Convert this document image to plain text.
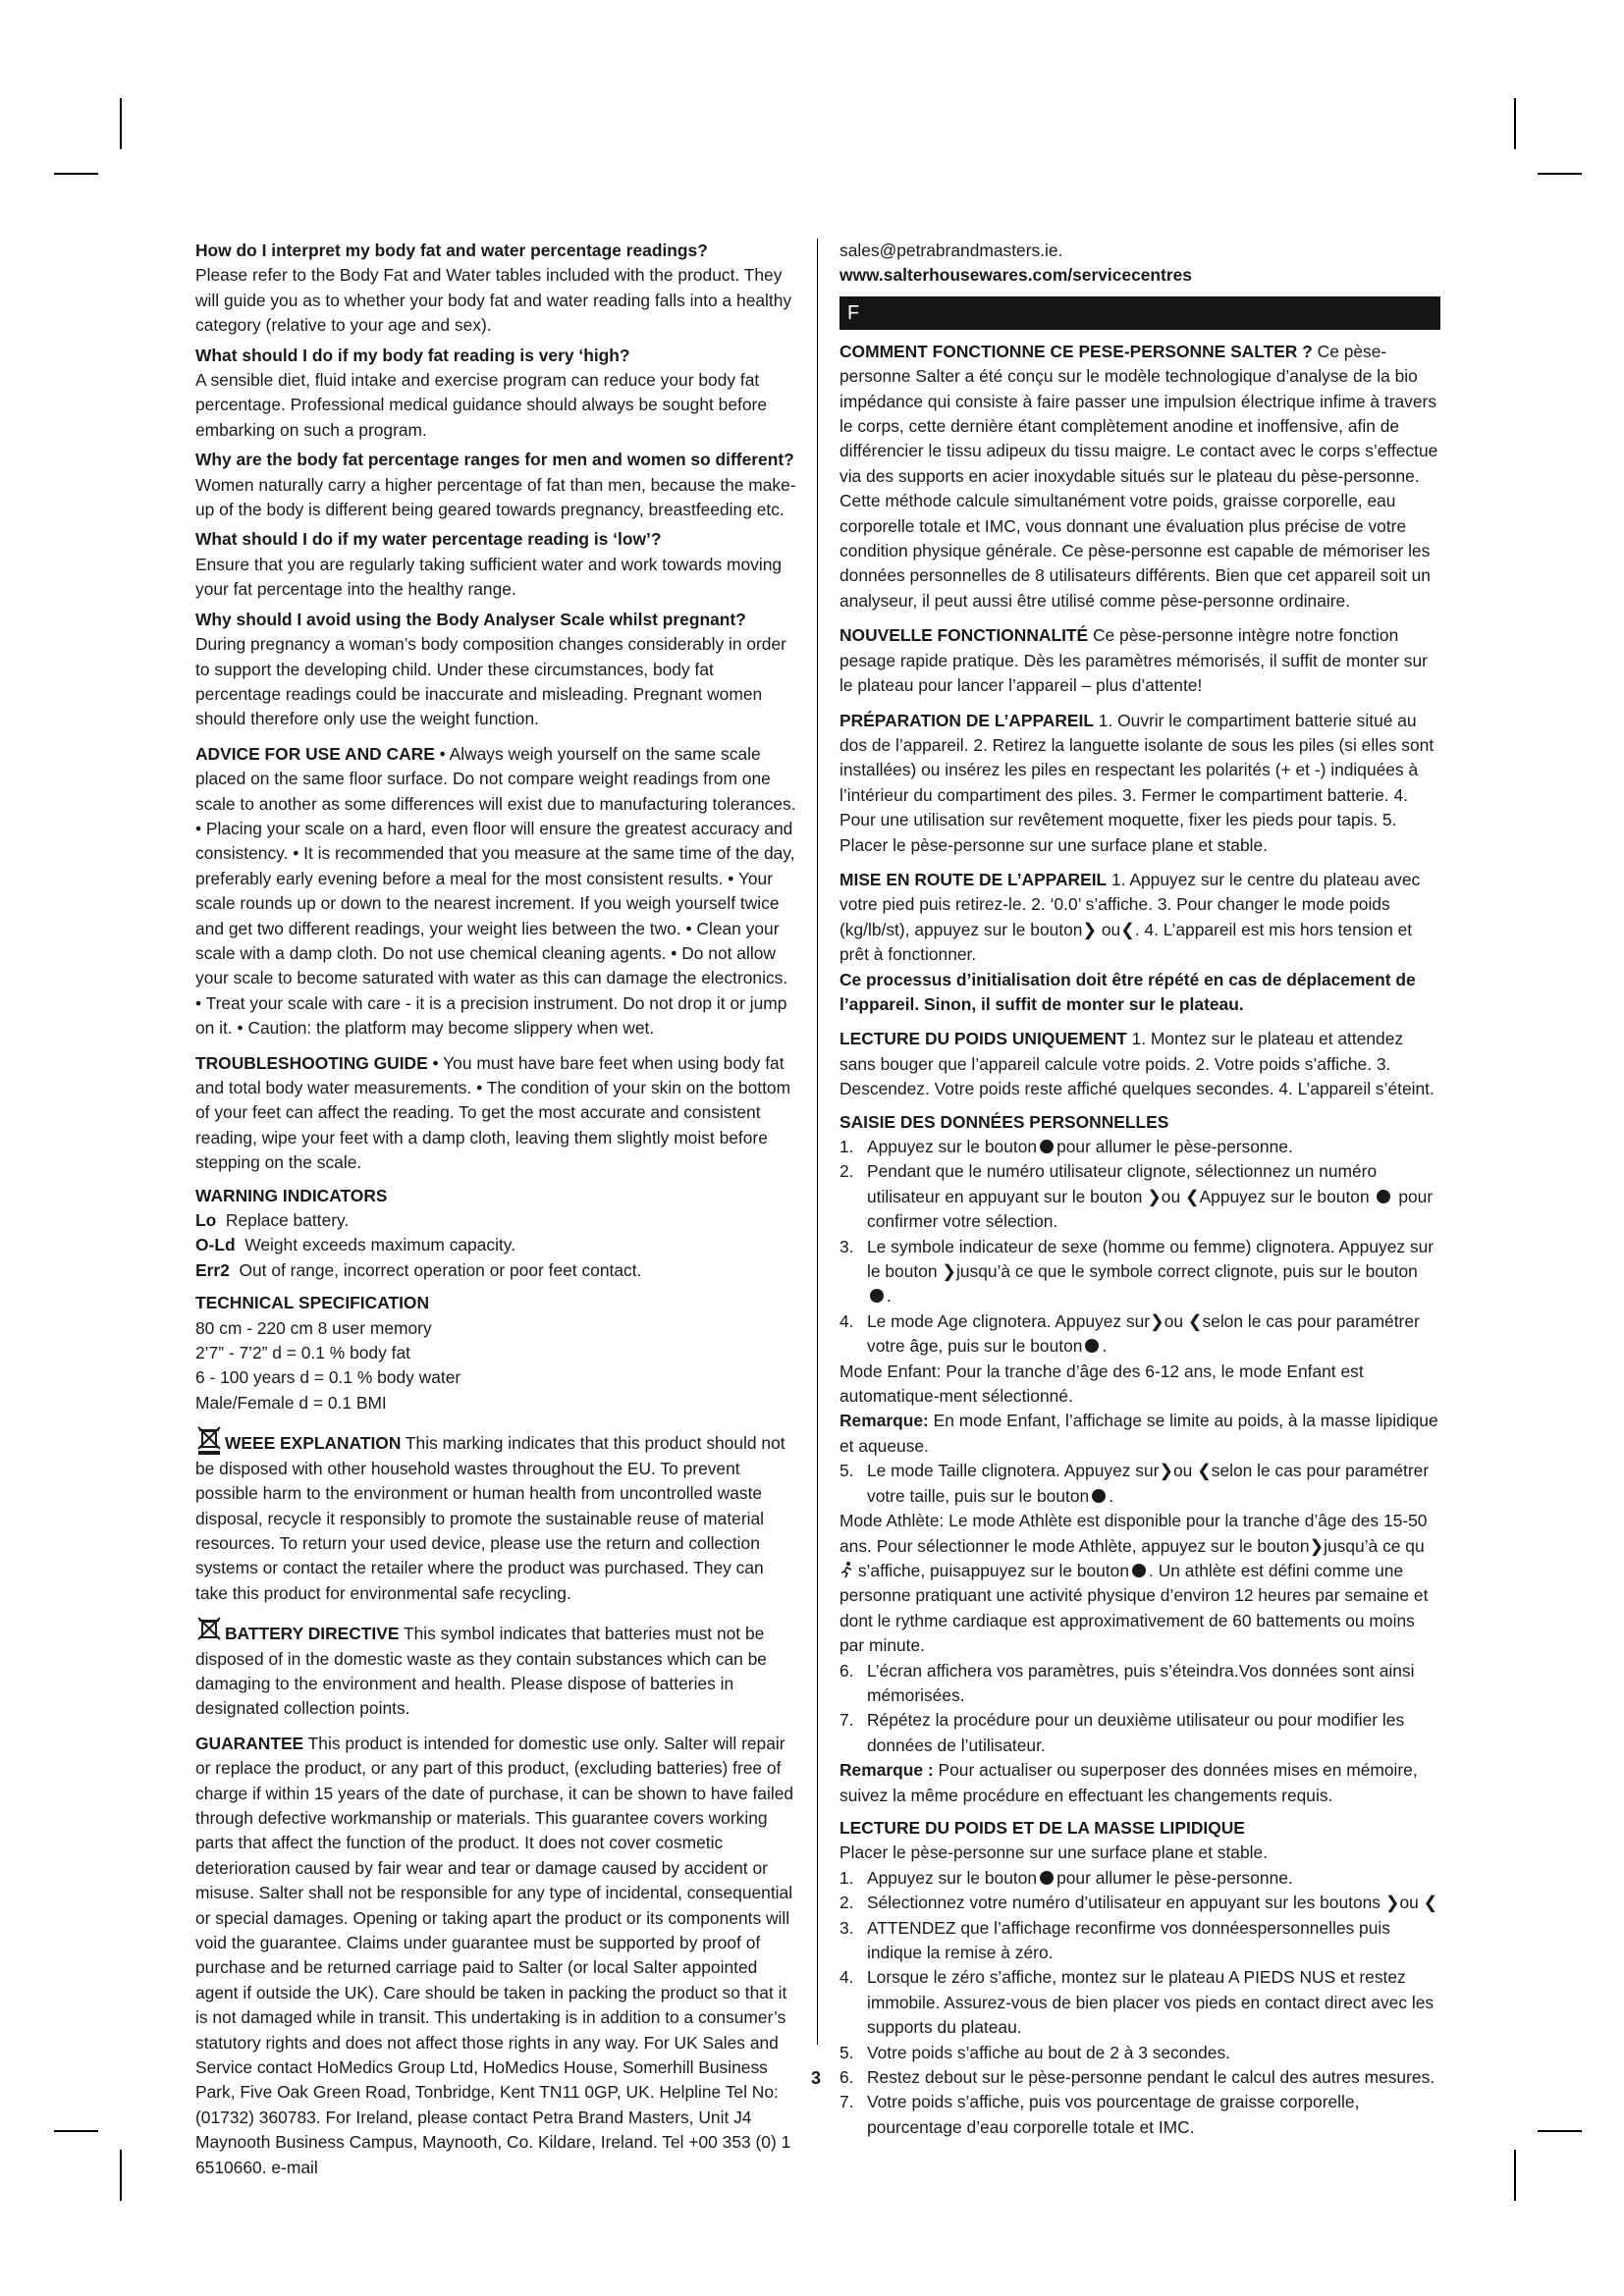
How do I interpret my body fat and water percentage readings?

Please refer to the Body Fat and Water tables included with the product. They will guide you as to whether your body fat and water reading falls into a healthy category (relative to your age and sex).

What should I do if my body fat reading is very ‘high?

A sensible diet, fluid intake and exercise program can reduce your body fat percentage. Professional medical guidance should always be sought before embarking on such a program.

Why are the body fat percentage ranges for men and women so different?

Women naturally carry a higher percentage of fat than men, because the make-up of the body is different being geared towards pregnancy, breastfeeding etc.

What should I do if my water percentage reading is ‘low’?

Ensure that you are regularly taking sufficient water and work towards moving your fat percentage into the healthy range.

Why should I avoid using the Body Analyser Scale whilst pregnant?

During pregnancy a woman’s body composition changes considerably in order to support the developing child. Under these circumstances, body fat percentage readings could be inaccurate and misleading. Pregnant women should therefore only use the weight function.

ADVICE FOR USE AND CARE • Always weigh yourself on the same scale placed on the same floor surface. Do not compare weight readings from one scale to another as some differences will exist due to manufacturing tolerances. • Placing your scale on a hard, even floor will ensure the greatest accuracy and consistency. • It is recommended that you measure at the same time of the day, preferably early evening before a meal for the most consistent results. • Your scale rounds up or down to the nearest increment. If you weigh yourself twice and get two different readings, your weight lies between the two. • Clean your scale with a damp cloth. Do not use chemical cleaning agents. • Do not allow your scale to become saturated with water as this can damage the electronics. • Treat your scale with care - it is a precision instrument. Do not drop it or jump on it. • Caution: the platform may become slippery when wet.

TROUBLESHOOTING GUIDE • You must have bare feet when using body fat and total body water measurements. • The condition of your skin on the bottom of your feet can affect the reading. To get the most accurate and consistent reading, wipe your feet with a damp cloth, leaving them slightly moist before stepping on the scale.

WARNING INDICATORS

Lo Replace battery.

O-Ld Weight exceeds maximum capacity.

Err2 Out of range, incorrect operation or poor feet contact.

TECHNICAL SPECIFICATION

80 cm - 220 cm 8 user memory

2’7” - 7’2” d = 0.1 % body fat

6 - 100 years d = 0.1 % body water

Male/Female d = 0.1 BMI

WEEE EXPLANATION This marking indicates that this product should not be disposed with other household wastes throughout the EU. To prevent possible harm to the environment or human health from uncontrolled waste disposal, recycle it responsibly to promote the sustainable reuse of material resources. To return your used device, please use the return and collection systems or contact the retailer where the product was purchased. They can take this product for environmental safe recycling.

BATTERY DIRECTIVE This symbol indicates that batteries must not be disposed of in the domestic waste as they contain substances which can be damaging to the environment and health. Please dispose of batteries in designated collection points.

GUARANTEE This product is intended for domestic use only. Salter will repair or replace the product, or any part of this product, (excluding batteries) free of charge if within 15 years of the date of purchase, it can be shown to have failed through defective workmanship or materials. This guarantee covers working parts that affect the function of the product. It does not cover cosmetic deterioration caused by fair wear and tear or damage caused by accident or misuse. Salter shall not be responsible for any type of incidental, consequential or special damages. Opening or taking apart the product or its components will void the guarantee. Claims under guarantee must be supported by proof of purchase and be returned carriage paid to Salter (or local Salter appointed agent if outside the UK). Care should be taken in packing the product so that it is not damaged while in transit. This undertaking is in addition to a consumer’s statutory rights and does not affect those rights in any way. For UK Sales and Service contact HoMedics Group Ltd, HoMedics House, Somerhill Business Park, Five Oak Green Road, Tonbridge, Kent TN11 0GP, UK. Helpline Tel No: (01732) 360783. For Ireland, please contact Petra Brand Masters, Unit J4 Maynooth Business Campus, Maynooth, Co. Kildare, Ireland. Tel +00 353 (0) 1 6510660. e-mail

sales@petrabrandmasters.ie.

www.salterhousewares.com/servicecentres

F

COMMENT FONCTIONNE CE PESE-PERSONNE SALTER ? Ce pèse-personne Salter a été conçu sur le modèle technologique d’analyse de la bio impédance qui consiste à faire passer une impulsion électrique infime à travers le corps, cette dernière étant complètement anodine et inoffensive, afin de différencier le tissu adipeux du tissu maigre. Le contact avec le corps s’effectue via des supports en acier inoxydable situés sur le plateau du pèse-personne. Cette méthode calcule simultanément votre poids, graisse corporelle, eau corporelle totale et IMC, vous donnant une évaluation plus précise de votre condition physique générale. Ce pèse-personne est capable de mémoriser les données personnelles de 8 utilisateurs différents. Bien que cet appareil soit un analyseur, il peut aussi être utilisé comme pèse-personne ordinaire.

NOUVELLE FONCTIONNALITÉ Ce pèse-personne intègre notre fonction pesage rapide pratique. Dès les paramètres mémorisés, il suffit de monter sur le plateau pour lancer l’appareil – plus d’attente!

PRÉPARATION DE L’APPAREIL 1. Ouvrir le compartiment batterie situé au dos de l’appareil. 2. Retirez la languette isolante de sous les piles (si elles sont installées) ou insérez les piles en respectant les polarités (+ et -) indiquées à l’intérieur du compartiment des piles. 3. Fermer le compartiment batterie. 4. Pour une utilisation sur revêtement moquette, fixer les pieds pour tapis. 5. Placer le pèse-personne sur une surface plane et stable.

MISE EN ROUTE DE L’APPAREIL 1. Appuyez sur le centre du plateau avec votre pied puis retirez-le. 2. ‘0.0’ s’affiche. 3. Pour changer le mode poids (kg/lb/st), appuyez sur le bouton❯ ou❮. 4. L’appareil est mis hors tension et prêt à fonctionner.

Ce processus d’initialisation doit être répété en cas de déplacement de l’appareil. Sinon, il suffit de monter sur le plateau.

LECTURE DU POIDS UNIQUEMENT 1. Montez sur le plateau et attendez sans bouger que l’appareil calcule votre poids. 2. Votre poids s’affiche. 3. Descendez. Votre poids reste affiché quelques secondes. 4. L’appareil s’éteint.

SAISIE DES DONNÉES PERSONNELLES

1. Appuyez sur le bouton pour allumer le pèse-personne.
2. Pendant que le numéro utilisateur clignote, sélectionnez un numéro utilisateur en appuyant sur le bouton ❯ou ❮Appuyez sur le bouton pour confirmer votre sélection.
3. Le symbole indicateur de sexe (homme ou femme) clignotera. Appuyez sur le bouton ❯jusqu’à ce que le symbole correct clignote, puis sur le bouton .
4. Le mode Age clignotera. Appuyez sur❯ou ❮selon le cas pour paramétrer votre âge, puis sur le bouton .

Mode Enfant: Pour la tranche d’âge des 6-12 ans, le mode Enfant est automatique-ment sélectionné.

Remarque: En mode Enfant, l’affichage se limite au poids, à la masse lipidique et aqueuse.

5. Le mode Taille clignotera. Appuyez sur❯ou ❮selon le cas pour paramétrer votre taille, puis sur le bouton .

Mode Athlète: Le mode Athlète est disponible pour la tranche d’âge des 15-50 ans. Pour sélectionner le mode Athlète, appuyez sur le bouton❯jusqu’à ce qu  s’affiche, puisappuyez sur le bouton . Un athlète est défini comme une personne pratiquant une activité physique d’environ 12 heures par semaine et dont le rythme cardiaque est approximativement de 60 battements ou moins par minute.

6. L’écran affichera vos paramètres, puis s’éteindra.Vos données sont ainsi mémorisées.
7. Répétez la procédure pour un deuxième utilisateur ou pour modifier les données de l’utilisateur.

Remarque : Pour actualiser ou superposer des données mises en mémoire, suivez la même procédure en effectuant les changements requis.

LECTURE DU POIDS ET DE LA MASSE LIPIDIQUE

Placer le pèse-personne sur une surface plane et stable.

1. Appuyez sur le bouton pour allumer le pèse-personne.
2. Sélectionnez votre numéro d’utilisateur en appuyant sur les boutons ❯ou ❮
3. ATTENDEZ que l’affichage reconfirme vos donnéespersonnelles puis indique la remise à zéro.
4. Lorsque le zéro s’affiche, montez sur le plateau A PIEDS NUS et restez immobile. Assurez-vous de bien placer vos pieds en contact direct avec les supports du plateau.
5. Votre poids s’affiche au bout de 2 à 3 secondes.
6. Restez debout sur le pèse-personne pendant le calcul des autres mesures.
7. Votre poids s’affiche, puis vos pourcentage de graisse corporelle, pourcentage d’eau corporelle totale et IMC.
3
